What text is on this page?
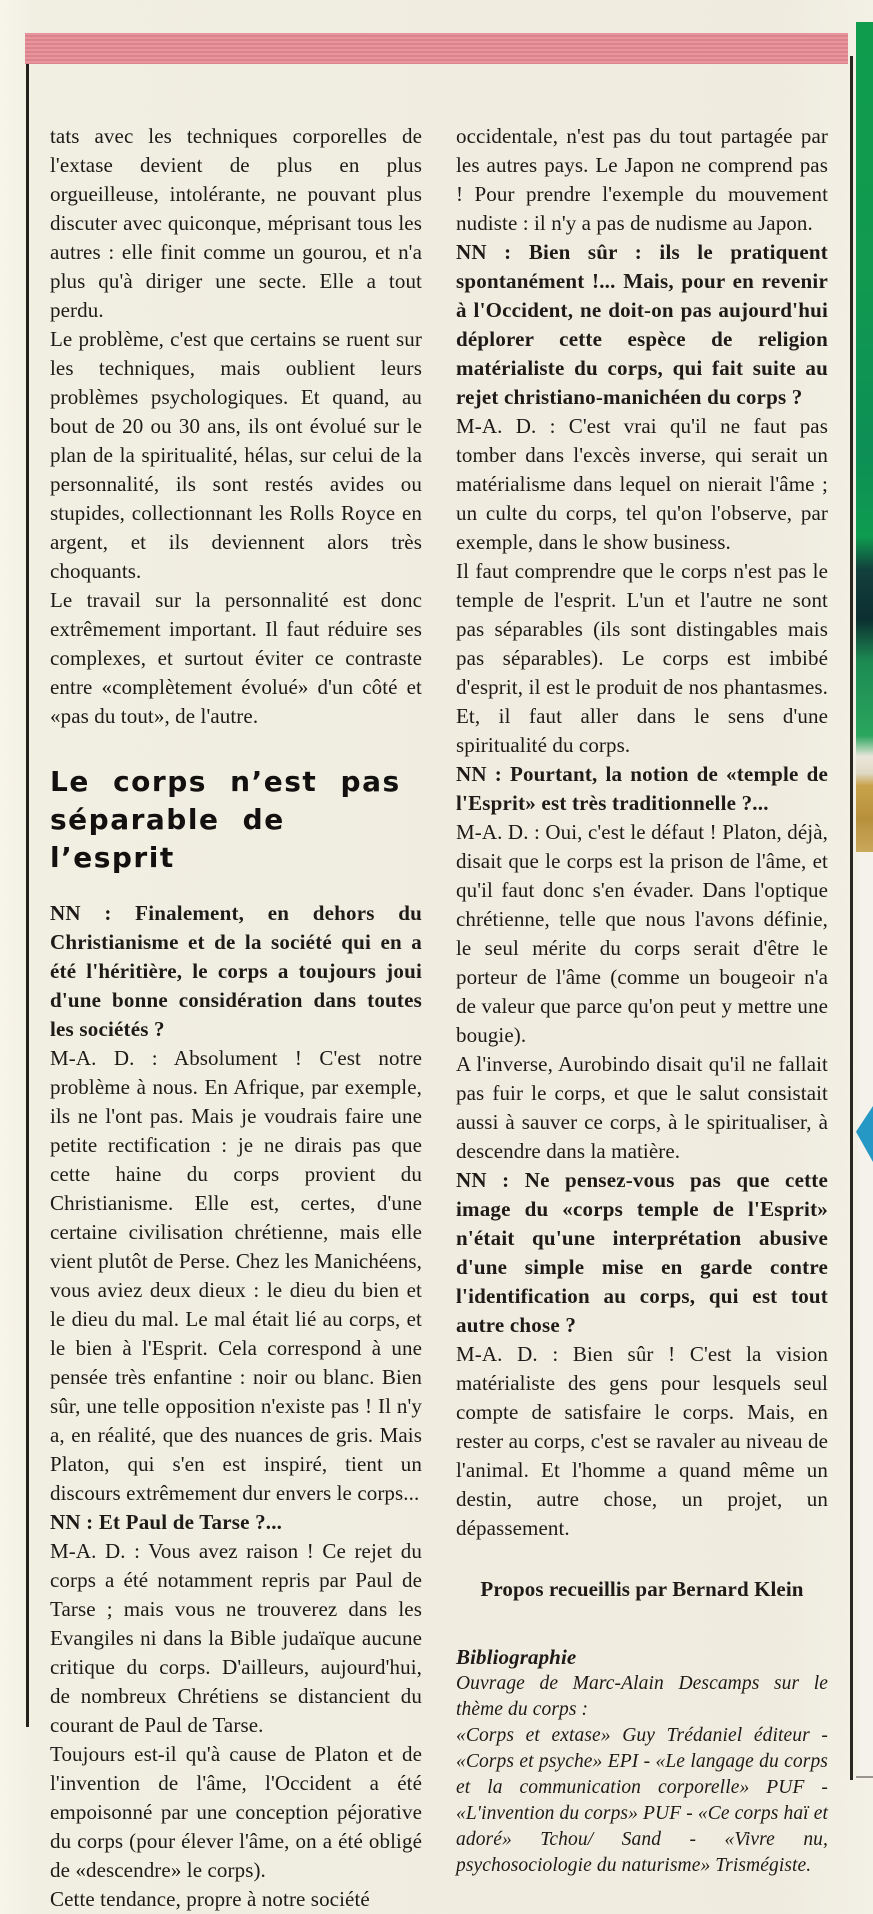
tats avec les techniques corporelles de l'extase devient de plus en plus orgueilleuse, intolérante, ne pouvant plus discuter avec quiconque, méprisant tous les autres : elle finit comme un gourou, et n'a plus qu'à diriger une secte. Elle a tout perdu.

Le problème, c'est que certains se ruent sur les techniques, mais oublient leurs problèmes psychologiques. Et quand, au bout de 20 ou 30 ans, ils ont évolué sur le plan de la spiritualité, hélas, sur celui de la personnalité, ils sont restés avides ou stupides, collectionnant les Rolls Royce en argent, et ils deviennent alors très choquants.

Le travail sur la personnalité est donc extrêmement important. Il faut réduire ses complexes, et surtout éviter ce contraste entre «complètement évolué» d'un côté et «pas du tout», de l'autre.

Le corps n’est pas
séparable de l’esprit

NN : Finalement, en dehors du Christianisme et de la société qui en a été l'héritière, le corps a toujours joui d'une bonne considération dans toutes les sociétés ?

M-A. D. : Absolument ! C'est notre problème à nous. En Afrique, par exemple, ils ne l'ont pas. Mais je voudrais faire une petite rectification : je ne dirais pas que cette haine du corps provient du Christianisme. Elle est, certes, d'une certaine civilisation chrétienne, mais elle vient plutôt de Perse. Chez les Manichéens, vous aviez deux dieux : le dieu du bien et le dieu du mal. Le mal était lié au corps, et le bien à l'Esprit. Cela correspond à une pensée très enfantine : noir ou blanc. Bien sûr, une telle opposition n'existe pas ! Il n'y a, en réalité, que des nuances de gris. Mais Platon, qui s'en est inspiré, tient un discours extrêmement dur envers le corps...

NN : Et Paul de Tarse ?...

M-A. D. : Vous avez raison ! Ce rejet du corps a été notamment repris par Paul de Tarse ; mais vous ne trouverez dans les Evangiles ni dans la Bible judaïque aucune critique du corps. D'ailleurs, aujourd'hui, de nombreux Chrétiens se distancient du courant de Paul de Tarse.

Toujours est-il qu'à cause de Platon et de l'invention de l'âme, l'Occident a été empoisonné par une conception péjorative du corps (pour élever l'âme, on a été obligé de «descendre» le corps).

Cette tendance, propre à notre société

occidentale, n'est pas du tout partagée par les autres pays. Le Japon ne comprend pas ! Pour prendre l'exemple du mouvement nudiste : il n'y a pas de nudisme au Japon.

NN : Bien sûr : ils le pratiquent spontanément !... Mais, pour en revenir à l'Occident, ne doit-on pas aujourd'hui déplorer cette espèce de religion matérialiste du corps, qui fait suite au rejet christiano-manichéen du corps ?

M-A. D. : C'est vrai qu'il ne faut pas tomber dans l'excès inverse, qui serait un matérialisme dans lequel on nierait l'âme ; un culte du corps, tel qu'on l'observe, par exemple, dans le show business.

Il faut comprendre que le corps n'est pas le temple de l'esprit. L'un et l'autre ne sont pas séparables (ils sont distingables mais pas séparables). Le corps est imbibé d'esprit, il est le produit de nos phantasmes. Et, il faut aller dans le sens d'une spiritualité du corps.

NN : Pourtant, la notion de «temple de l'Esprit» est très traditionnelle ?...

M-A. D. : Oui, c'est le défaut ! Platon, déjà, disait que le corps est la prison de l'âme, et qu'il faut donc s'en évader. Dans l'optique chrétienne, telle que nous l'avons définie, le seul mérite du corps serait d'être le porteur de l'âme (comme un bougeoir n'a de valeur que parce qu'on peut y mettre une bougie).

A l'inverse, Aurobindo disait qu'il ne fallait pas fuir le corps, et que le salut consistait aussi à sauver ce corps, à le spiritualiser, à descendre dans la matière.

NN : Ne pensez-vous pas que cette image du «corps temple de l'Esprit» n'était qu'une interprétation abusive d'une simple mise en garde contre l'identification au corps, qui est tout autre chose ?

M-A. D. : Bien sûr ! C'est la vision matérialiste des gens pour lesquels seul compte de satisfaire le corps. Mais, en rester au corps, c'est se ravaler au niveau de l'animal. Et l'homme a quand même un destin, autre chose, un projet, un dépassement.

Propos recueillis par Bernard Klein

Bibliographie

Ouvrage de Marc-Alain Descamps sur le thème du corps :

«Corps et extase» Guy Trédaniel éditeur - «Corps et psyche» EPI - «Le langage du corps et la communication corporelle» PUF - «L'invention du corps» PUF - «Ce corps haï et adoré» Tchou/ Sand - «Vivre nu, psychosociologie du naturisme» Trismégiste.
